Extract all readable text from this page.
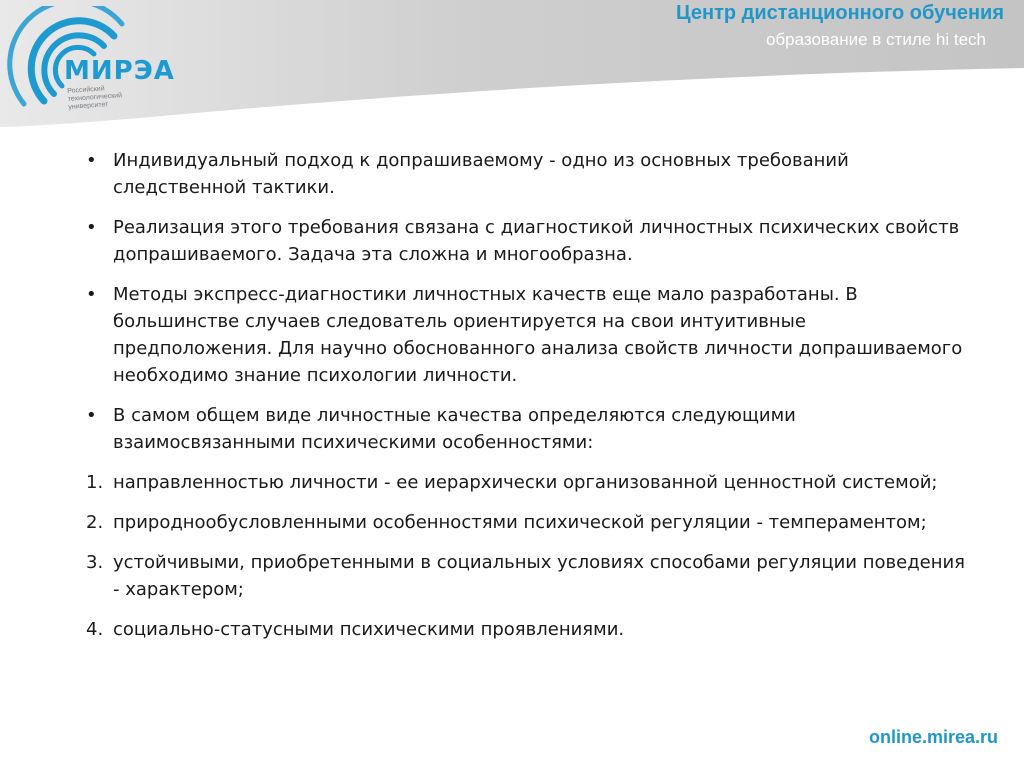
МИРЭА
Российский технологический университет
Центр дистанционного обучения
образование в стиле hi tech
• Индивидуальный подход к допрашиваемому - одно из основных требований следственной тактики.
• Реализация этого требования связана с диагностикой личностных психических свойств допрашиваемого. Задача эта сложна и многообразна.
• Методы экспресс-диагностики личностных качеств еще мало разработаны. В большинстве случаев следователь ориентируется на свои интуитивные предположения. Для научно обоснованного анализа свойств личности допрашиваемого необходимо знание психологии личности.
• В самом общем виде личностные качества определяются следующими взаимосвязанными психическими особенностями:
1. направленностью личности - ее иерархически организованной ценностной системой;
2. природнообусловленными особенностями психической регуляции - темпераментом;
3. устойчивыми, приобретенными в социальных условиях способами регуляции поведения - характером;
4. социально-статусными психическими проявлениями.
online.mirea.ru
